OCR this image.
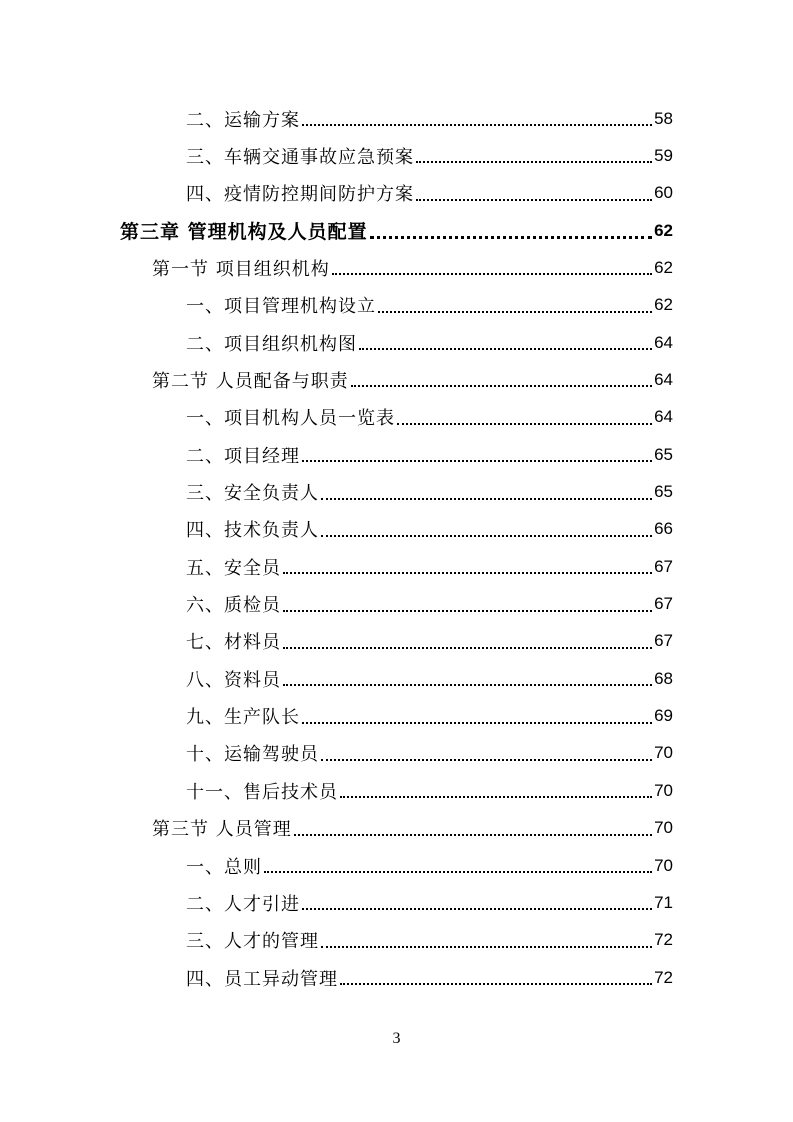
二、运输方案	58
三、车辆交通事故应急预案	59
四、疫情防控期间防护方案	60
第三章 管理机构及人员配置	62
第一节 项目组织机构	62
一、项目管理机构设立	62
二、项目组织机构图	64
第二节 人员配备与职责	64
一、项目机构人员一览表	64
二、项目经理	65
三、安全负责人	65
四、技术负责人	66
五、安全员	67
六、质检员	67
七、材料员	67
八、资料员	68
九、生产队长	69
十、运输驾驶员	70
十一、售后技术员	70
第三节 人员管理	70
一、总则	70
二、人才引进	71
三、人才的管理	72
四、员工异动管理	72
3
